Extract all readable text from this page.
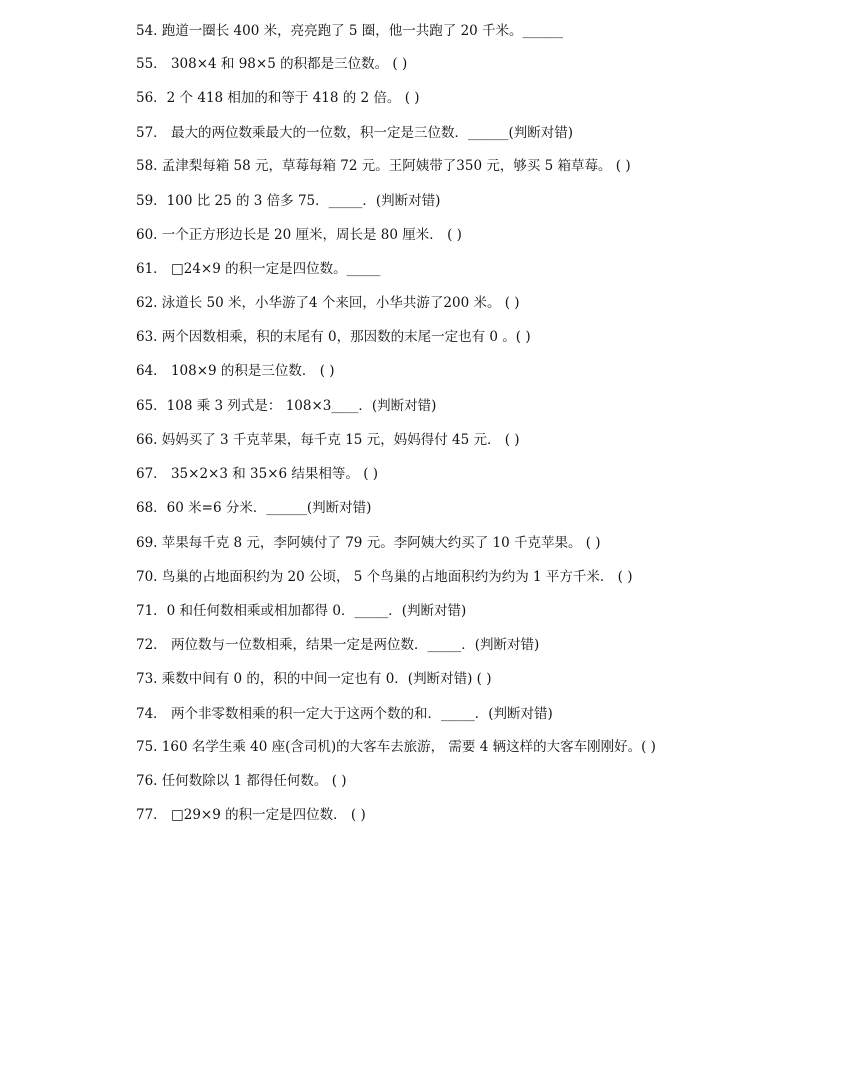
54. 跑道一圈长 400 米，亮亮跑了 5 圈，他一共跑了 20 千米。______
55． 308×4 和 98×5 的积都是三位数。 ( )
56．2 个 418 相加的和等于 418 的 2 倍。 ( )
57． 最大的两位数乘最大的一位数，积一定是三位数．______(判断对错)
58. 孟津梨每箱 58 元，草莓每箱 72 元。王阿姨带了350 元，够买 5 箱草莓。 ( )
59．100 比 25 的 3 倍多 75．_____．(判断对错)
60. 一个正方形边长是 20 厘米，周长是 80 厘米． ( )
61． □24×9 的积一定是四位数。_____
62. 泳道长 50 米，小华游了4 个来回，小华共游了200 米。 ( )
63. 两个因数相乘，积的末尾有 0，那因数的末尾一定也有 0 。( )
64． 108×9 的积是三位数． ( )
65．108 乘 3 列式是： 108×3____．(判断对错)
66. 妈妈买了 3 千克苹果，每千克 15 元，妈妈得付 45 元． ( )
67． 35×2×3 和 35×6 结果相等。 ( )
68．60 米=6 分米．______(判断对错)
69. 苹果每千克 8 元，李阿姨付了 79 元。李阿姨大约买了 10 千克苹果。 ( )
70. 鸟巢的占地面积约为 20 公顷， 5 个鸟巢的占地面积约为约为 1 平方千米． ( )
71．0 和任何数相乘或相加都得 0．_____．(判断对错)
72． 两位数与一位数相乘，结果一定是两位数．_____．(判断对错)
73. 乘数中间有 0 的，积的中间一定也有 0．(判断对错) ( )
74． 两个非零数相乘的积一定大于这两个数的和．_____．(判断对错)
75. 160 名学生乘 40 座(含司机)的大客车去旅游， 需要 4 辆这样的大客车刚刚好。( )
76. 任何数除以 1 都得任何数。 ( )
77． □29×9 的积一定是四位数． ( )
